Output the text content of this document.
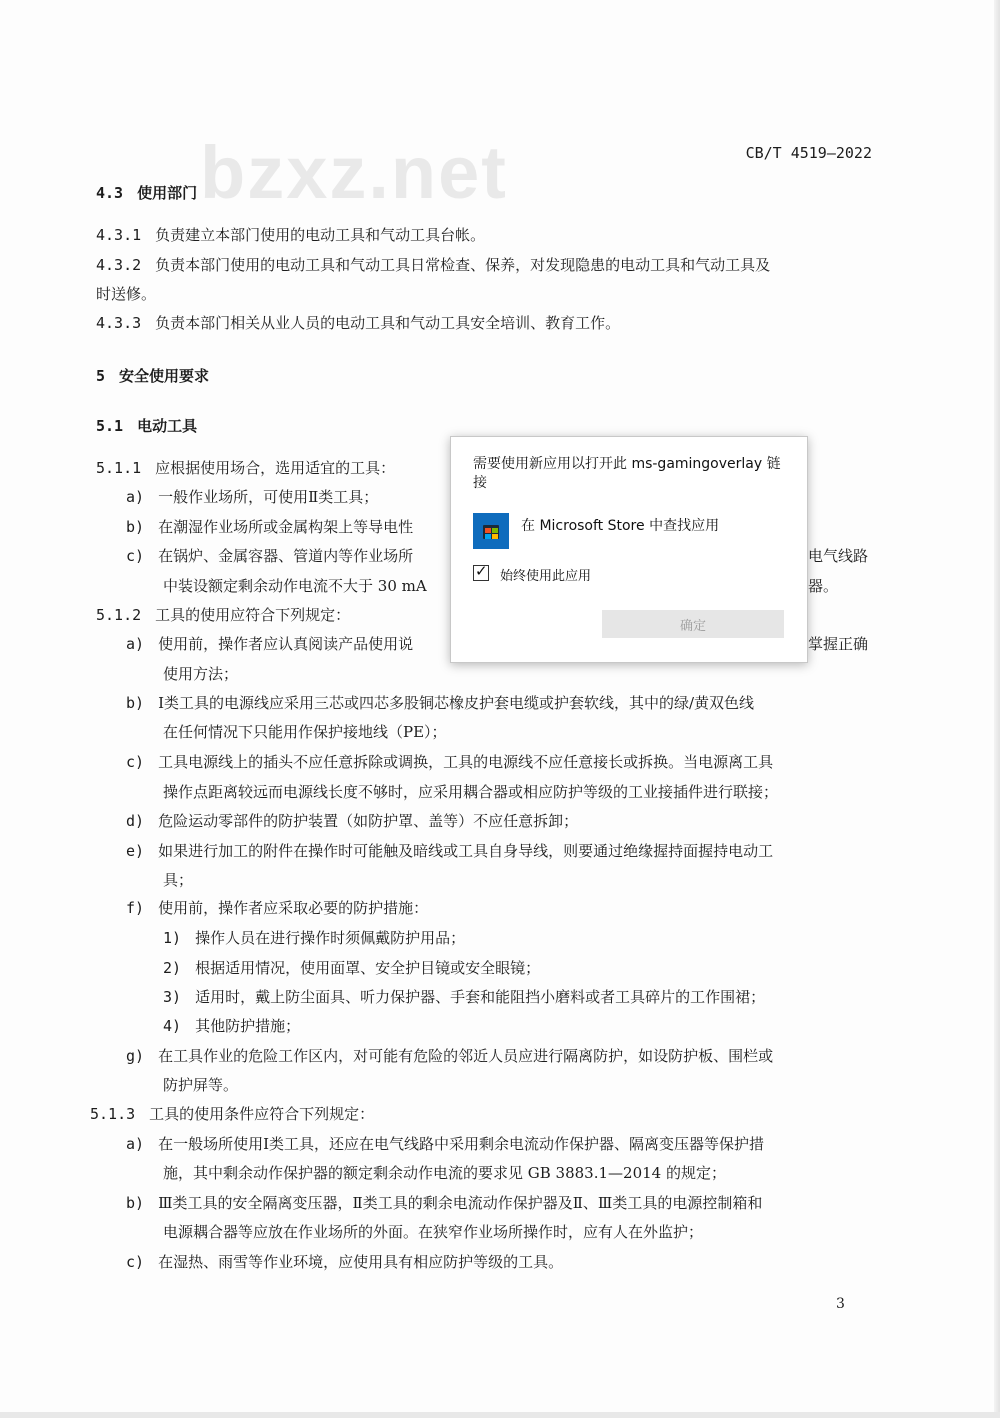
bzxz.net	CB/T 4519—2022
4.3 使用部门
4.3.1 负责建立本部门使用的电动工具和气动工具台帐。
4.3.2 负责本部门使用的电动工具和气动工具日常检查、保养，对发现隐患的电动工具和气动工具及
时送修。
4.3.3 负责本部门相关从业人员的电动工具和气动工具安全培训、教育工作。
5 安全使用要求
5.1 电动工具
5.1.1 应根据使用场合，选用适宜的工具：
a) 一般作业场所，可使用Ⅱ类工具；
b) 在潮湿作业场所或金属构架上等导电性
c) 在锅炉、金属容器、管道内等作业场所
中装设额定剩余动作电流不大于 30 mA
5.1.2 工具的使用应符合下列规定：
a) 使用前，操作者应认真阅读产品使用说
使用方法；
b) Ⅰ类工具的电源线应采用三芯或四芯多股铜芯橡皮护套电缆或护套软线，其中的绿/黄双色线
在任何情况下只能用作保护接地线（PE）；
c) 工具电源线上的插头不应任意拆除或调换，工具的电源线不应任意接长或拆换。当电源离工具
操作点距离较远而电源线长度不够时，应采用耦合器或相应防护等级的工业接插件进行联接；
d) 危险运动零部件的防护装置（如防护罩、盖等）不应任意拆卸；
e) 如果进行加工的附件在操作时可能触及暗线或工具自身导线，则要通过绝缘握持面握持电动工
具；
f) 使用前，操作者应采取必要的防护措施：
1) 操作人员在进行操作时须佩戴防护用品；
2) 根据适用情况，使用面罩、安全护目镜或安全眼镜；
3) 适用时，戴上防尘面具、听力保护器、手套和能阻挡小磨料或者工具碎片的工作围裙；
4) 其他防护措施；
g) 在工具作业的危险工作区内，对可能有危险的邻近人员应进行隔离防护，如设防护板、围栏或
防护屏等。
5.1.3 工具的使用条件应符合下列规定：
a) 在一般场所使用Ⅰ类工具，还应在电气线路中采用剩余电流动作保护器、隔离变压器等保护措
施，其中剩余动作保护器的额定剩余动作电流的要求见 GB 3883.1—2014 的规定；
b) Ⅲ类工具的安全隔离变压器，Ⅱ类工具的剩余电流动作保护器及Ⅱ、Ⅲ类工具的电源控制箱和
电源耦合器等应放在作业场所的外面。在狭窄作业场所操作时，应有人在外监护；
c) 在湿热、雨雪等作业环境，应使用具有相应防护等级的工具。
掌握正确
电气线路
器。
3
需要使用新应用以打开此 ms-gamingoverlay 链接
在 Microsoft Store 中查找应用
✓ 始终使用此应用
确定
